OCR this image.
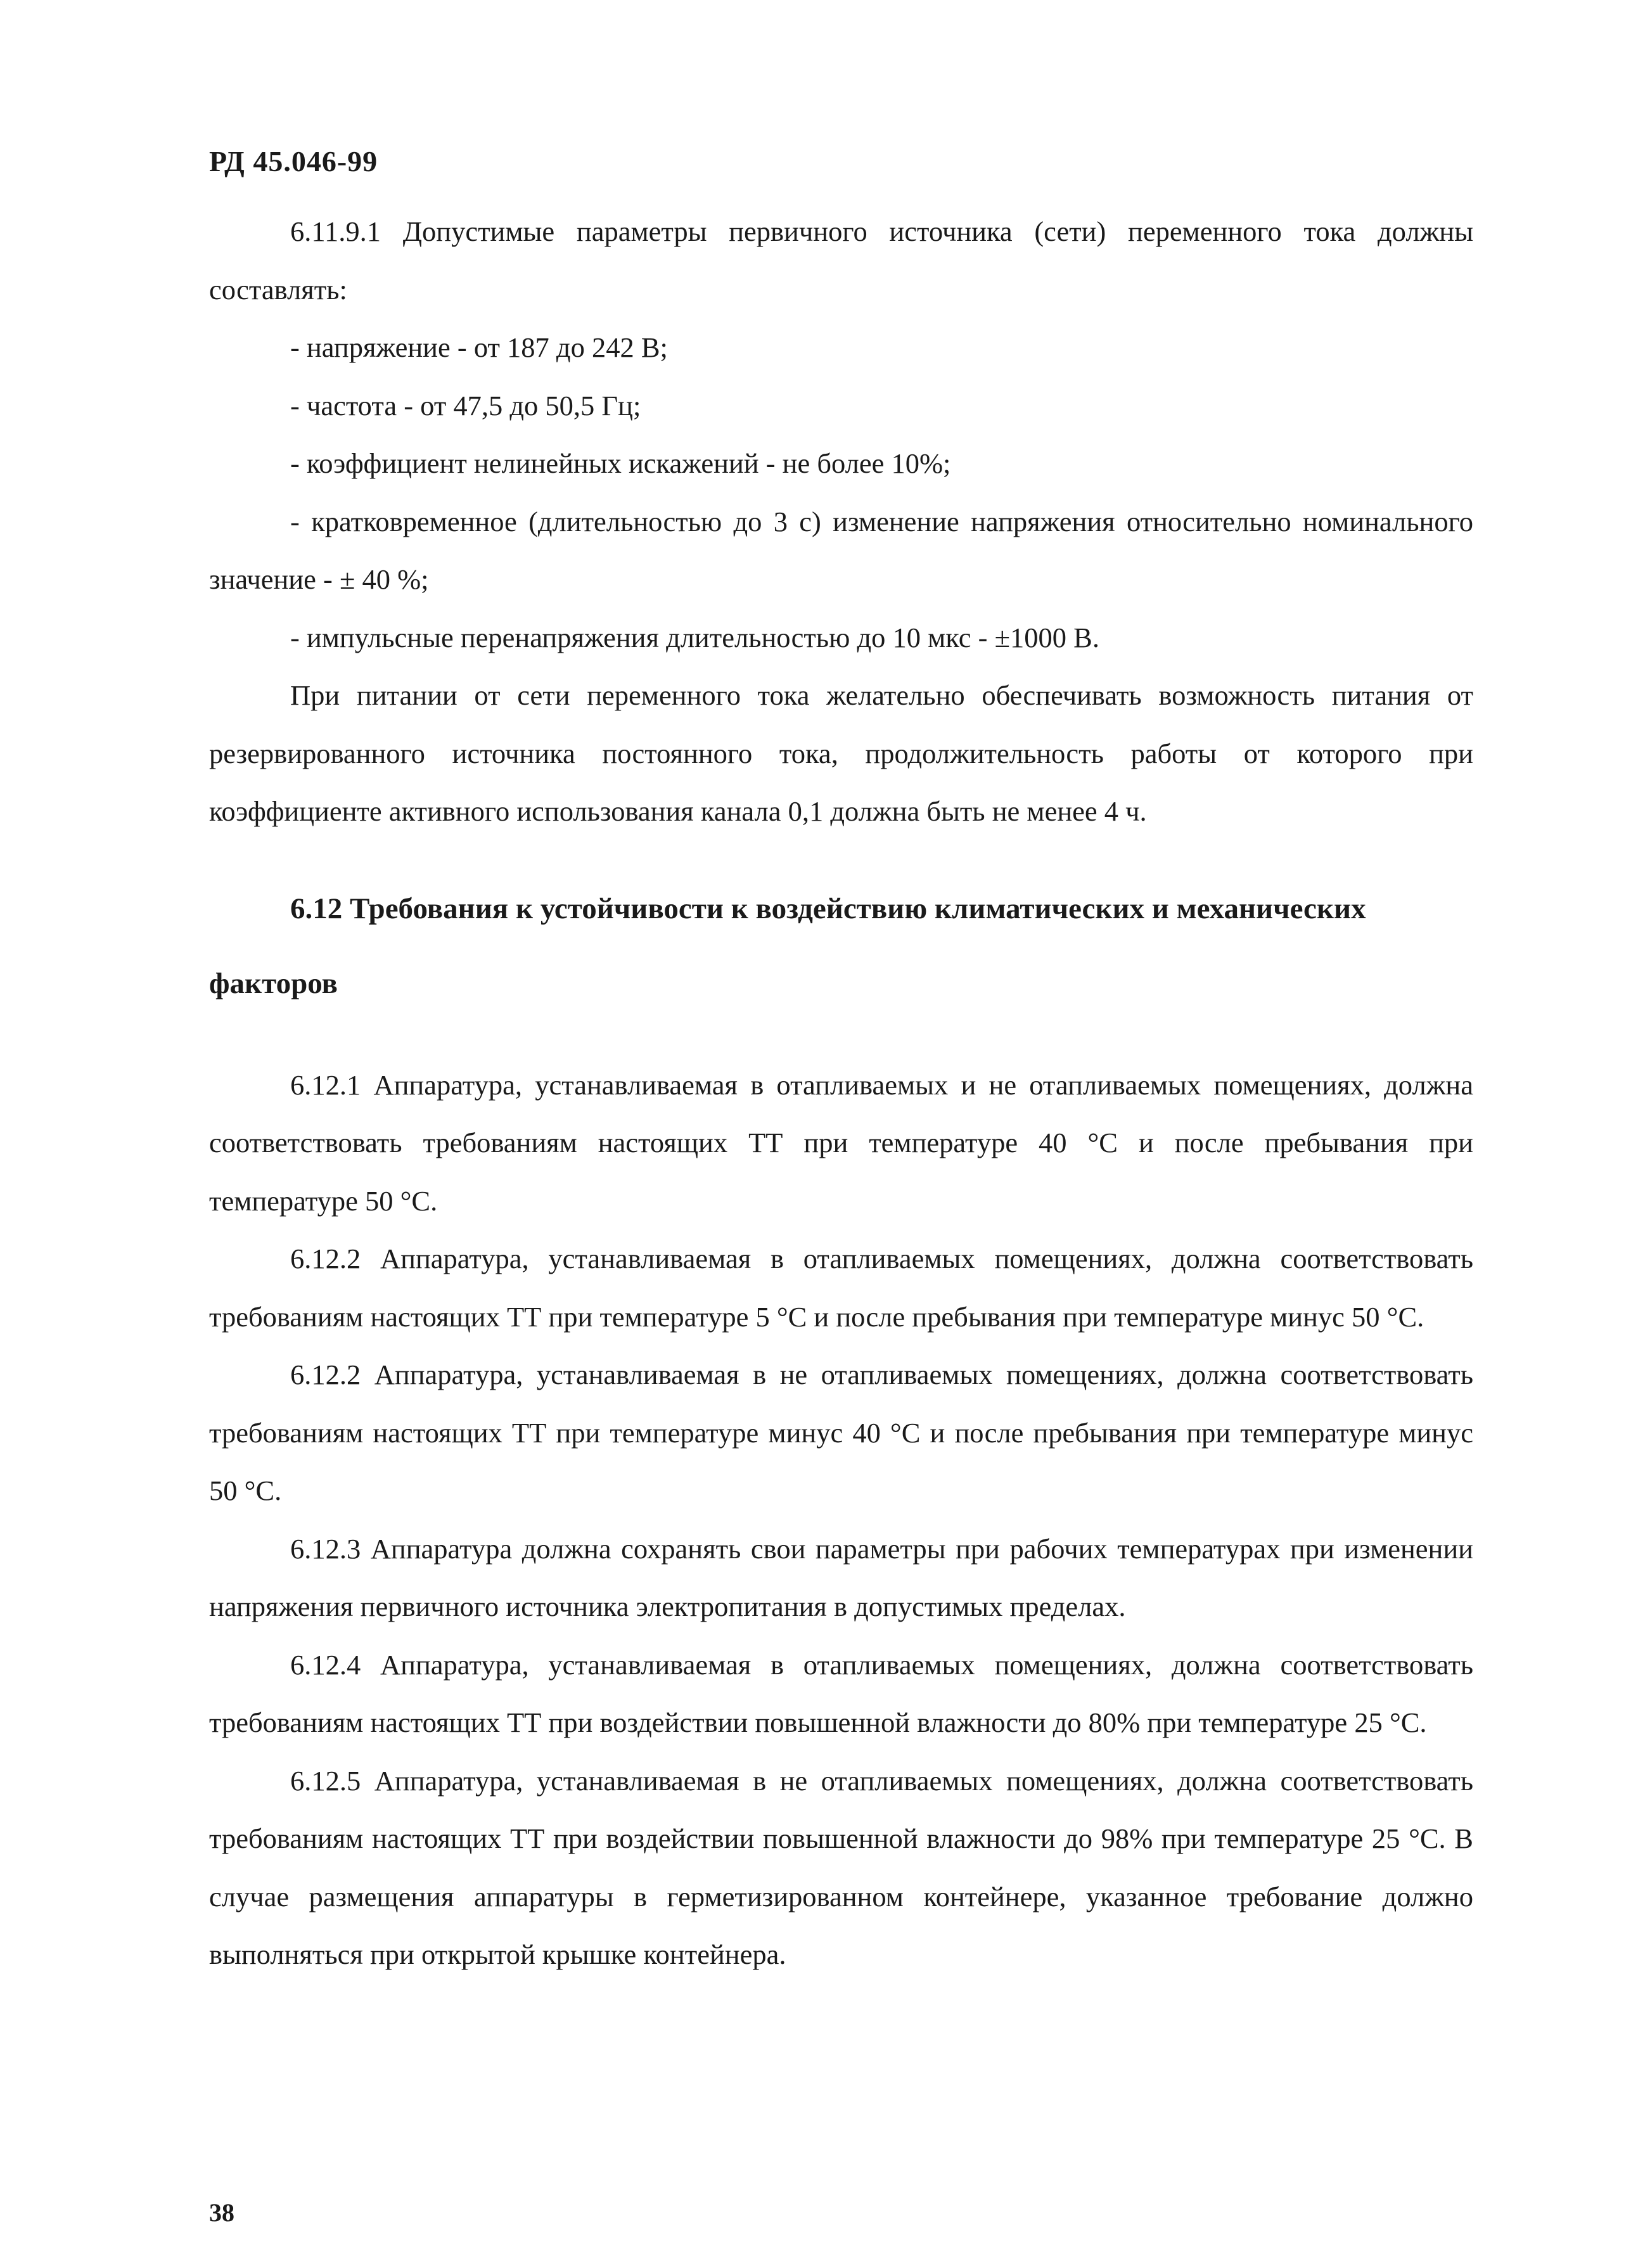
РД 45.046-99

6.11.9.1 Допустимые параметры первичного источника (сети) переменного тока должны составлять:

- напряжение - от 187 до 242 В;

- частота - от 47,5 до 50,5 Гц;

- коэффициент нелинейных искажений - не более 10%;

- кратковременное (длительностью до 3 с) изменение напряжения относительно номинального значение - ± 40 %;

- импульсные перенапряжения длительностью до 10 мкс - ±1000 В.

При питании от сети переменного тока желательно обеспечивать возможность питания от резервированного источника постоянного тока, продолжительность работы от которого при коэффициенте активного использования канала 0,1 должна быть не менее 4 ч.

6.12 Требования к устойчивости к воздействию климатических и механических факторов

6.12.1 Аппаратура, устанавливаемая в отапливаемых и не отапливаемых помещениях, должна соответствовать требованиям настоящих ТТ при температуре 40 °С и после пребывания при температуре 50 °С.

6.12.2 Аппаратура, устанавливаемая в отапливаемых помещениях, должна соответствовать требованиям настоящих ТТ при температуре 5 °С и после пребывания при температуре минус 50 °С.

6.12.2 Аппаратура, устанавливаемая в не отапливаемых помещениях, должна соответствовать требованиям настоящих ТТ при температуре минус 40 °С и после пребывания при температуре минус 50 °С.

6.12.3 Аппаратура должна сохранять свои параметры при рабочих температурах при изменении напряжения первичного источника электропитания в допустимых пределах.

6.12.4 Аппаратура, устанавливаемая в отапливаемых помещениях, должна соответствовать требованиям настоящих ТТ при воздействии повышенной влажности до 80% при температуре 25 °С.

6.12.5 Аппаратура, устанавливаемая в не отапливаемых помещениях, должна соответствовать требованиям настоящих ТТ при воздействии повышенной влажности до 98% при температуре 25 °С. В случае размещения аппаратуры в герметизированном контейнере, указанное требование должно выполняться при открытой крышке контейнера.

38
